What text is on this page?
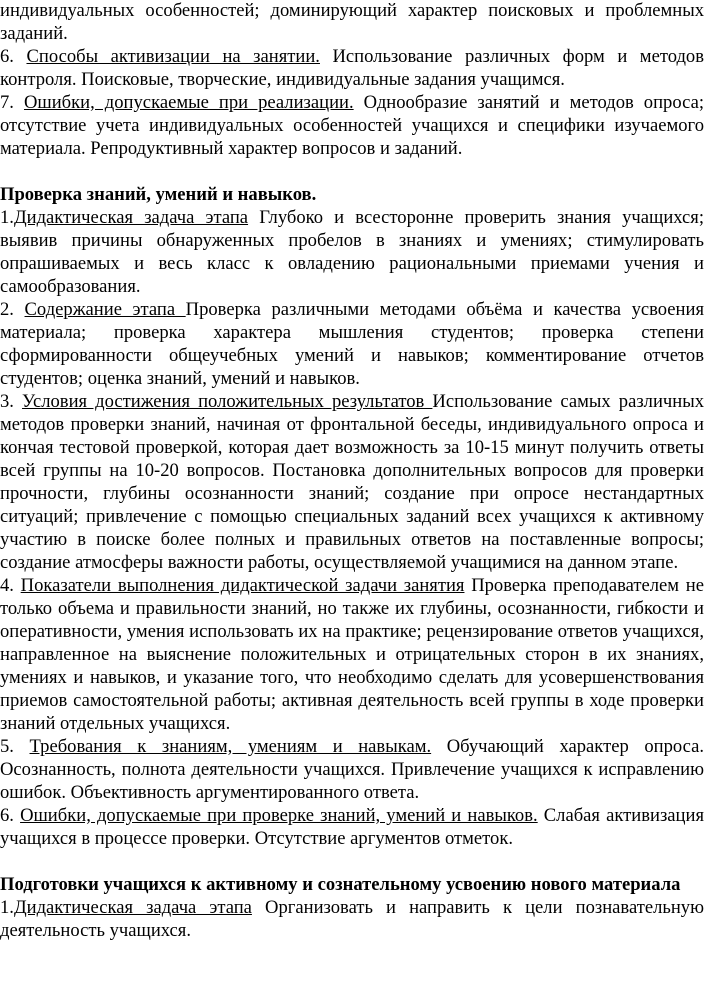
индивидуальных особенностей; доминирующий характер поисковых и проблемных заданий.

6. Способы активизации на занятии. Использование различных форм и методов контроля. Поисковые, творческие, индивидуальные задания учащимся.

7. Ошибки, допускаемые при реализации. Однообразие занятий и методов опроса; отсутствие учета индивидуальных особенностей учащихся и специфики изучаемого материала. Репродуктивный характер вопросов и заданий.

Проверка знаний, умений и навыков.

1.Дидактическая задача этапа Глубоко и всесторонне проверить знания учащихся; выявив причины обнаруженных пробелов в знаниях и умениях; стимулировать опрашиваемых и весь класс к овладению рациональными приемами учения и самообразования.

2. Содержание этапа Проверка различными методами объёма и качества усвоения материала; проверка характера мышления студентов; проверка степени сформированности общеучебных умений и навыков; комментирование отчетов студентов; оценка знаний, умений и навыков.

3. Условия достижения положительных результатов Использование самых различных методов проверки знаний, начиная от фронтальной беседы, индивидуального опроса и кончая тестовой проверкой, которая дает возможность за 10-15 минут получить ответы всей группы на 10-20 вопросов. Постановка дополнительных вопросов для проверки прочности, глубины осознанности знаний; создание при опросе нестандартных ситуаций; привлечение с помощью специальных заданий всех учащихся к активному участию в поиске более полных и правильных ответов на поставленные вопросы; создание атмосферы важности работы, осуществляемой учащимися на данном этапе.

4. Показатели выполнения дидактической задачи занятия Проверка преподавателем не только объема и правильности знаний, но также их глубины, осознанности, гибкости и оперативности, умения использовать их на практике; рецензирование ответов учащихся, направленное на выяснение положительных и отрицательных сторон в их знаниях, умениях и навыков, и указание того, что необходимо сделать для усовершенствования приемов самостоятельной работы; активная деятельность всей группы в ходе проверки знаний отдельных учащихся.

5. Требования к знаниям, умениям и навыкам. Обучающий характер опроса. Осознанность, полнота деятельности учащихся. Привлечение учащихся к исправлению ошибок. Объективность аргументированного ответа.

6. Ошибки, допускаемые при проверке знаний, умений и навыков. Слабая активизация учащихся в процессе проверки. Отсутствие аргументов отметок.

Подготовки учащихся к активному и сознательному усвоению нового материала

1.Дидактическая задача этапа Организовать и направить к цели познавательную деятельность учащихся.
